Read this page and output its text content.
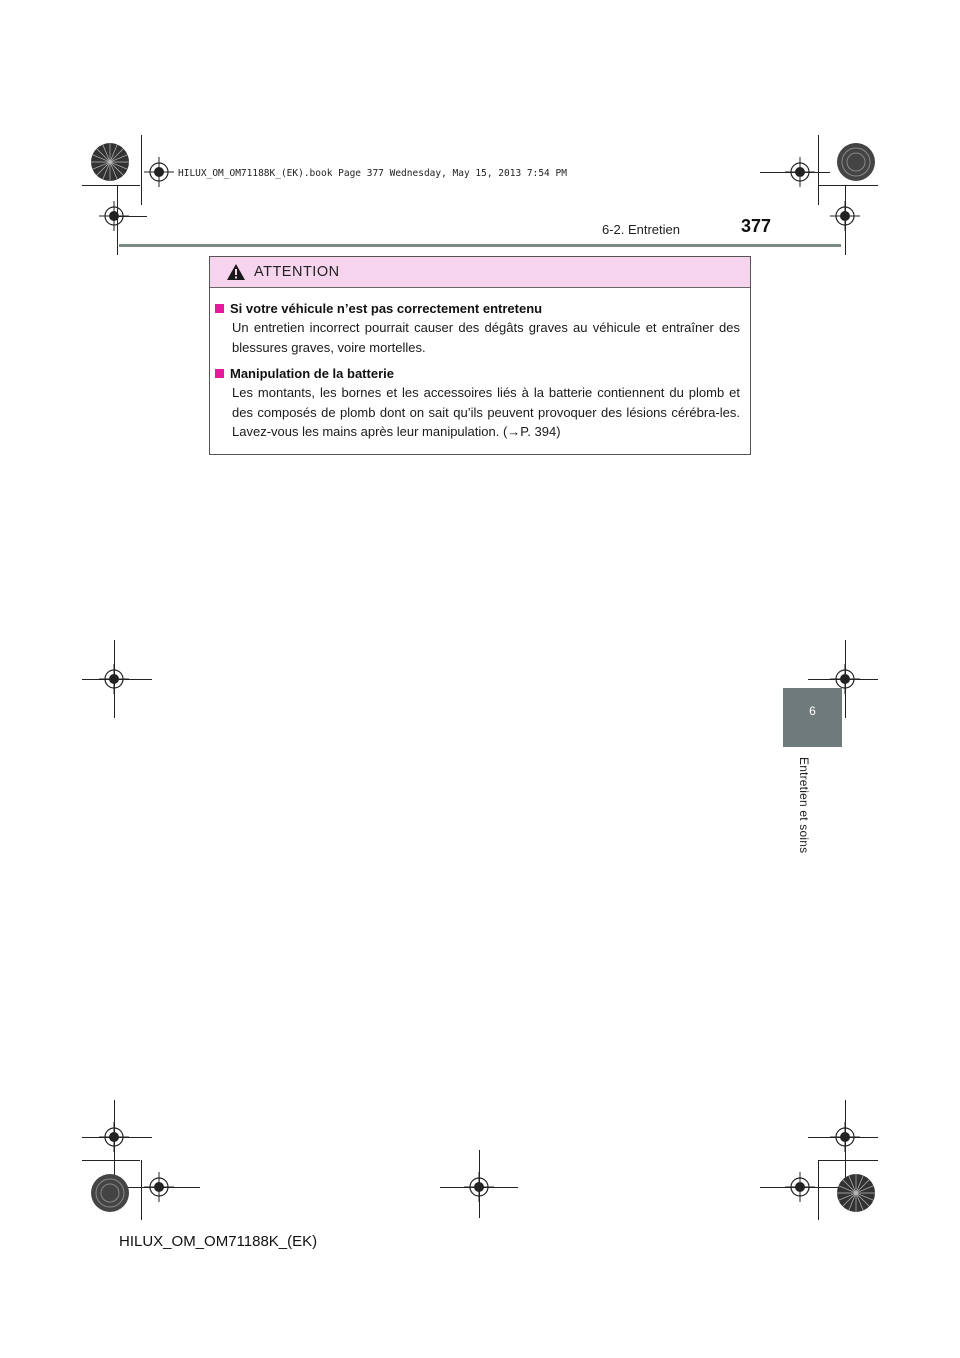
HILUX_OM_OM71188K_(EK).book Page 377 Wednesday, May 15, 2013 7:54 PM
6-2. Entretien	377
ATTENTION
Si votre véhicule n’est pas correctement entretenu
Un entretien incorrect pourrait causer des dégâts graves au véhicule et entraîner des blessures graves, voire mortelles.
Manipulation de la batterie
Les montants, les bornes et les accessoires liés à la batterie contiennent du plomb et des composés de plomb dont on sait qu’ils peuvent provoquer des lésions cérébra-les. Lavez-vous les mains après leur manipulation. (→P. 394)
6
Entretien et soins
HILUX_OM_OM71188K_(EK)
